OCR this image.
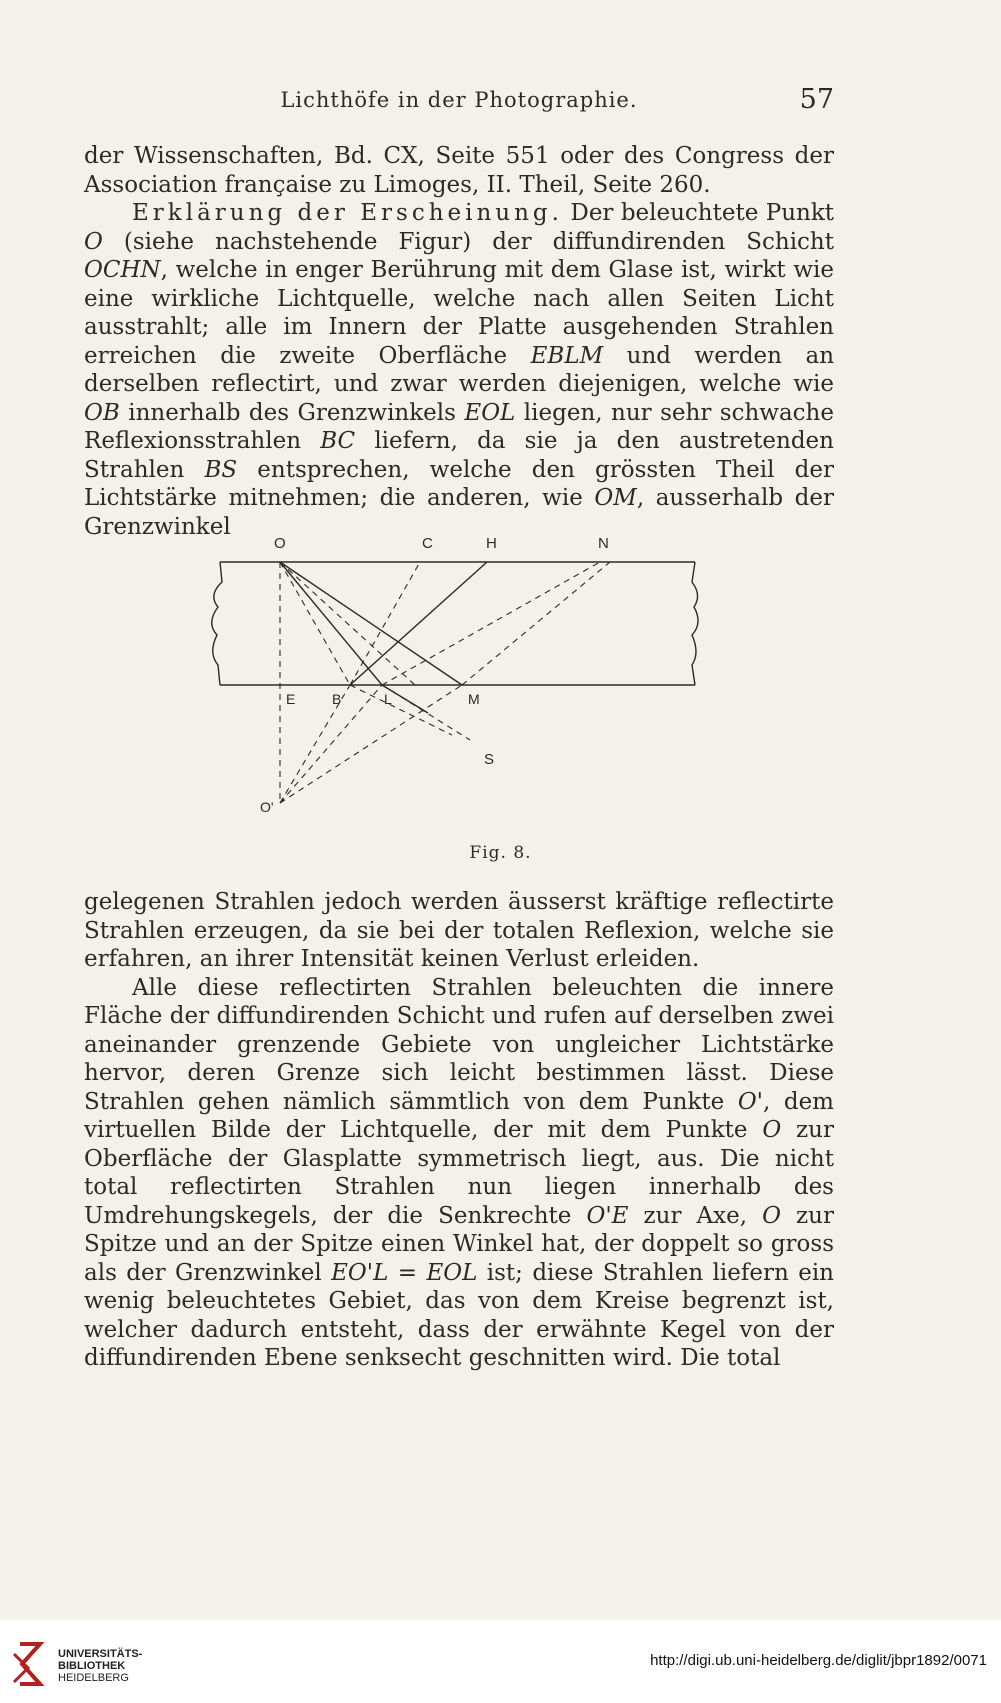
Lichthöfe in der Photographie.	57

der Wissenschaften, Bd. CX, Seite 551 oder des Congress der Association française zu Limoges, II. Theil, Seite 260.

Erklärung der Erscheinung. Der beleuchtete Punkt O (siehe nachstehende Figur) der diffundirenden Schicht OCHN, welche in enger Berührung mit dem Glase ist, wirkt wie eine wirkliche Lichtquelle, welche nach allen Seiten Licht ausstrahlt; alle im Innern der Platte ausgehenden Strahlen erreichen die zweite Oberfläche EBLM und werden an derselben reflectirt, und zwar werden diejenigen, welche wie OB innerhalb des Grenzwinkels EOL liegen, nur sehr schwache Reflexionsstrahlen BC liefern, da sie ja den austretenden Strahlen BS entsprechen, welche den grössten Theil der Lichtstärke mitnehmen; die anderen, wie OM, ausserhalb der Grenzwinkel

O	C	H	N
E	B	L	M
S
O'
Fig. 8.

gelegenen Strahlen jedoch werden äusserst kräftige reflectirte Strahlen erzeugen, da sie bei der totalen Reflexion, welche sie erfahren, an ihrer Intensität keinen Verlust erleiden.

Alle diese reflectirten Strahlen beleuchten die innere Fläche der diffundirenden Schicht und rufen auf derselben zwei aneinander grenzende Gebiete von ungleicher Lichtstärke hervor, deren Grenze sich leicht bestimmen lässt. Diese Strahlen gehen nämlich sämmtlich von dem Punkte O', dem virtuellen Bilde der Lichtquelle, der mit dem Punkte O zur Oberfläche der Glasplatte symmetrisch liegt, aus. Die nicht total reflectirten Strahlen nun liegen innerhalb des Umdrehungskegels, der die Senkrechte O'E zur Axe, O zur Spitze und an der Spitze einen Winkel hat, der doppelt so gross als der Grenzwinkel EO'L = EOL ist; diese Strahlen liefern ein wenig beleuchtetes Gebiet, das von dem Kreise begrenzt ist, welcher dadurch entsteht, dass der erwähnte Kegel von der diffundirenden Ebene senksecht geschnitten wird. Die total

UNIVERSITÄTS-
BIBLIOTHEK
HEIDELBERG
http://digi.ub.uni-heidelberg.de/diglit/jbpr1892/0071
